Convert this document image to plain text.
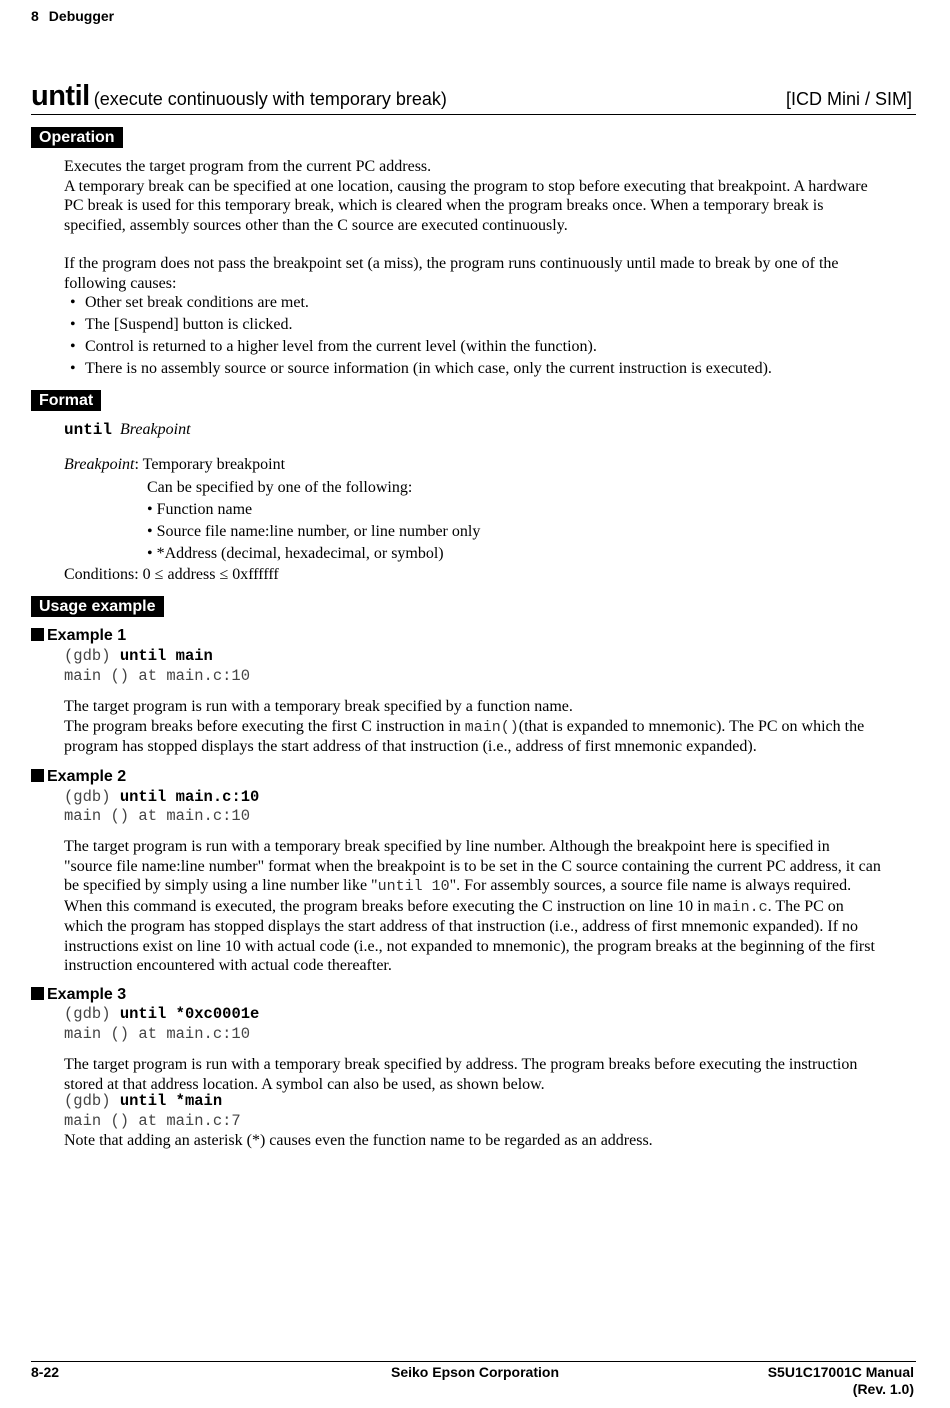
8 Debugger
until (execute continuously with temporary break)	[ICD Mini / SIM]
Operation
Executes the target program from the current PC address.
A temporary break can be specified at one location, causing the program to stop before executing that breakpoint. A hardware
PC break is used for this temporary break, which is cleared when the program breaks once. When a temporary break is
specified, assembly sources other than the C source are executed continuously.
If the program does not pass the breakpoint set (a miss), the program runs continuously until made to break by one of the
following causes:
• Other set break conditions are met.
• The [Suspend] button is clicked.
• Control is returned to a higher level from the current level (within the function).
• There is no assembly source or source information (in which case, only the current instruction is executed).
Format
until Breakpoint
Breakpoint: Temporary breakpoint
Can be specified by one of the following:
• Function name
• Source file name:line number, or line number only
• *Address (decimal, hexadecimal, or symbol)
Conditions: 0 ≤ address ≤ 0xffffff
Usage example
Example 1
(gdb) until main
main () at main.c:10
The target program is run with a temporary break specified by a function name.
The program breaks before executing the first C instruction in main()(that is expanded to mnemonic). The PC on which the
program has stopped displays the start address of that instruction (i.e., address of first mnemonic expanded).
Example 2
(gdb) until main.c:10
main () at main.c:10
The target program is run with a temporary break specified by line number. Although the breakpoint here is specified in
"source file name:line number" format when the breakpoint is to be set in the C source containing the current PC address, it can
be specified by simply using a line number like "until 10". For assembly sources, a source file name is always required.
When this command is executed, the program breaks before executing the C instruction on line 10 in main.c. The PC on
which the program has stopped displays the start address of that instruction (i.e., address of first mnemonic expanded). If no
instructions exist on line 10 with actual code (i.e., not expanded to mnemonic), the program breaks at the beginning of the first
instruction encountered with actual code thereafter.
Example 3
(gdb) until *0xc0001e
main () at main.c:10
The target program is run with a temporary break specified by address. The program breaks before executing the instruction
stored at that address location. A symbol can also be used, as shown below.
(gdb) until *main
main () at main.c:7
Note that adding an asterisk (*) causes even the function name to be regarded as an address.
8-22	Seiko Epson Corporation	S5U1C17001C Manual
(Rev. 1.0)
